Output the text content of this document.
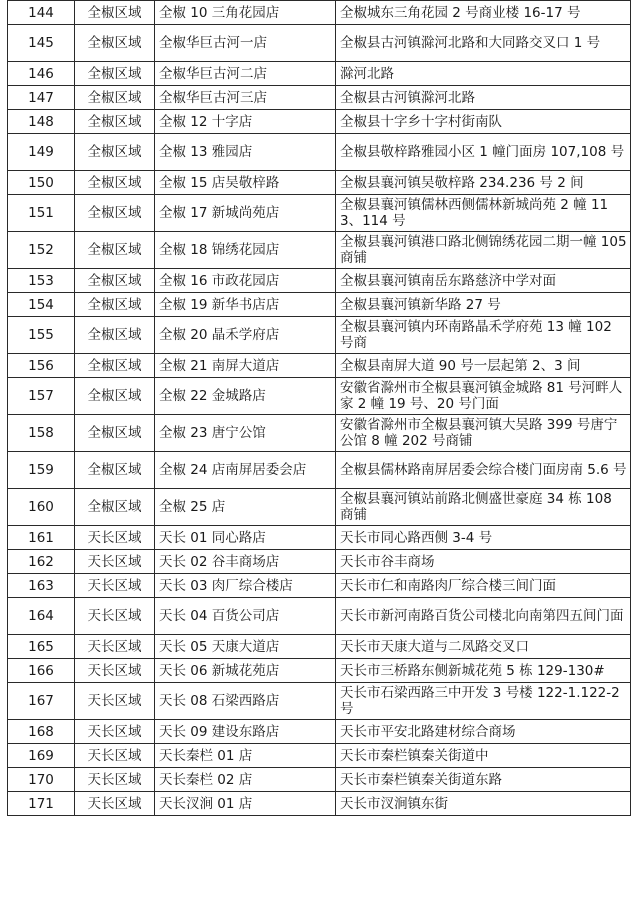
144	全椒区域	全椒 10 三角花园店	全椒城东三角花园 2 号商业楼 16-17 号
145	全椒区域	全椒华巨古河一店	全椒县古河镇滁河北路和大同路交叉口 1 号
146	全椒区域	全椒华巨古河二店	滁河北路
147	全椒区域	全椒华巨古河三店	全椒县古河镇滁河北路
148	全椒区域	全椒 12 十字店	全椒县十字乡十字村街南队
149	全椒区域	全椒 13 雅园店	全椒县敬梓路雅园小区 1 幢门面房 107,108 号
150	全椒区域	全椒 15 店吴敬梓路	全椒县襄河镇吴敬梓路 234.236 号 2 间
151	全椒区域	全椒 17 新城尚苑店	全椒县襄河镇儒林西侧儒林新城尚苑 2 幢 113、114 号
152	全椒区域	全椒 18 锦绣花园店	全椒县襄河镇港口路北侧锦绣花园二期一幢 105 商铺
153	全椒区域	全椒 16 市政花园店	全椒县襄河镇南岳东路慈济中学对面
154	全椒区域	全椒 19 新华书店店	全椒县襄河镇新华路 27 号
155	全椒区域	全椒 20 晶禾学府店	全椒县襄河镇内环南路晶禾学府苑 13 幢 102 号商
156	全椒区域	全椒 21 南屏大道店	全椒县南屏大道 90 号一层起第 2、3 间
157	全椒区域	全椒 22 金城路店	安徽省滁州市全椒县襄河镇金城路 81 号河畔人家 2 幢 19 号、20 号门面
158	全椒区域	全椒 23 唐宁公馆	安徽省滁州市全椒县襄河镇大吴路 399 号唐宁公馆 8 幢 202 号商铺
159	全椒区域	全椒 24 店南屏居委会店	全椒县儒林路南屏居委会综合楼门面房南 5.6 号
160	全椒区域	全椒 25 店	全椒县襄河镇站前路北侧盛世豪庭 34 栋 108 商铺
161	天长区域	天长 01 同心路店	天长市同心路西侧 3-4 号
162	天长区域	天长 02 谷丰商场店	天长市谷丰商场
163	天长区域	天长 03 肉厂综合楼店	天长市仁和南路肉厂综合楼三间门面
164	天长区域	天长 04 百货公司店	天长市新河南路百货公司楼北向南第四五间门面
165	天长区域	天长 05 天康大道店	天长市天康大道与二凤路交叉口
166	天长区域	天长 06 新城花苑店	天长市三桥路东侧新城花苑 5 栋 129-130#
167	天长区域	天长 08 石梁西路店	天长市石梁西路三中开发 3 号楼 122-1.122-2 号
168	天长区域	天长 09 建设东路店	天长市平安北路建材综合商场
169	天长区域	天长秦栏 01 店	天长市秦栏镇秦关街道中
170	天长区域	天长秦栏 02 店	天长市秦栏镇秦关街道东路
171	天长区域	天长汊涧 01 店	天长市汊涧镇东街
